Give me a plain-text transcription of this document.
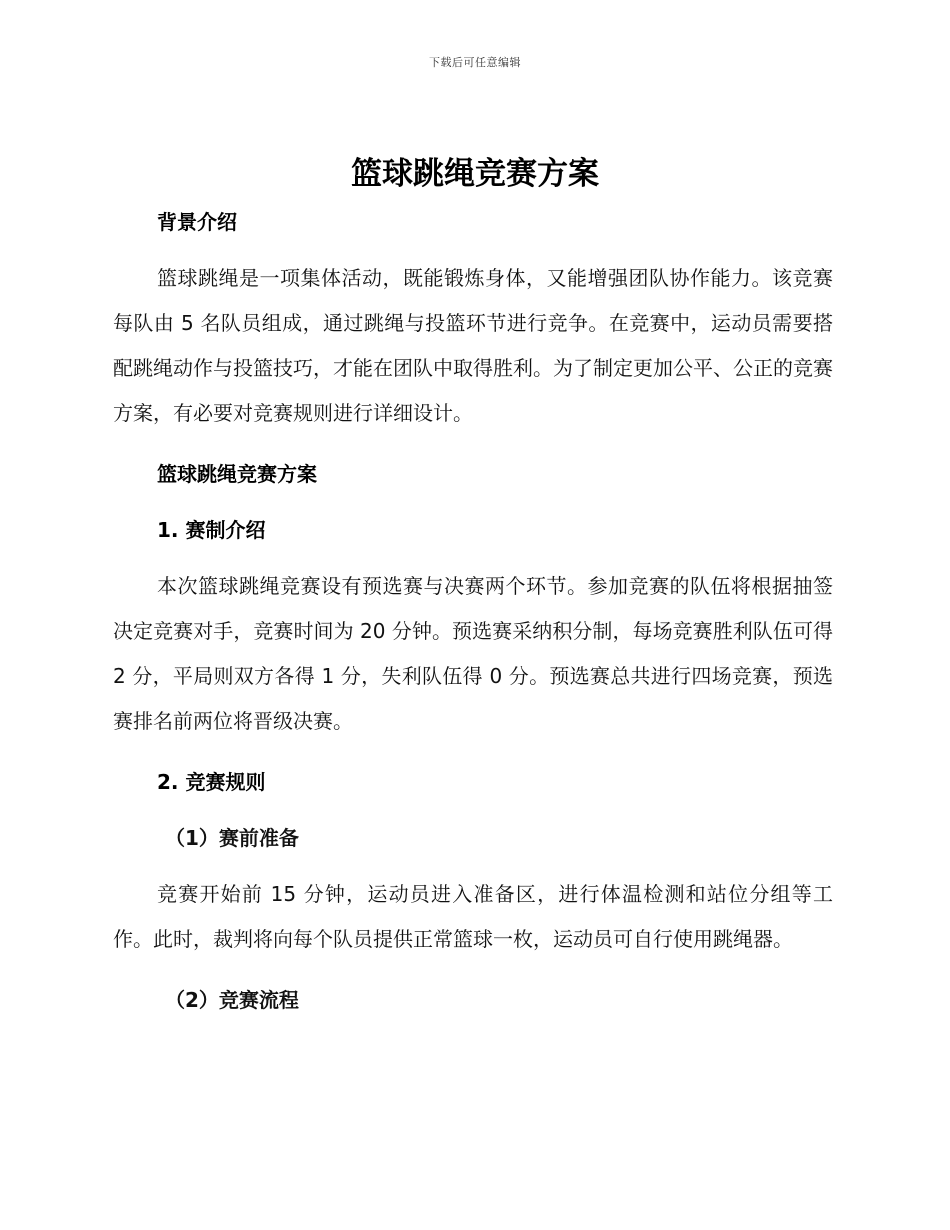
下载后可任意编辑
篮球跳绳竞赛方案
背景介绍

篮球跳绳是一项集体活动，既能锻炼身体，又能增强团队协作能力。该竞赛每队由 5 名队员组成，通过跳绳与投篮环节进行竞争。在竞赛中，运动员需要搭配跳绳动作与投篮技巧，才能在团队中取得胜利。为了制定更加公平、公正的竞赛方案，有必要对竞赛规则进行详细设计。

篮球跳绳竞赛方案
1. 赛制介绍

本次篮球跳绳竞赛设有预选赛与决赛两个环节。参加竞赛的队伍将根据抽签决定竞赛对手，竞赛时间为 20 分钟。预选赛采纳积分制，每场竞赛胜利队伍可得 2 分，平局则双方各得 1 分，失利队伍得 0 分。预选赛总共进行四场竞赛，预选赛排名前两位将晋级决赛。

2. 竞赛规则
（1）赛前准备

竞赛开始前 15 分钟，运动员进入准备区，进行体温检测和站位分组等工作。此时，裁判将向每个队员提供正常篮球一枚，运动员可自行使用跳绳器。

（2）竞赛流程
